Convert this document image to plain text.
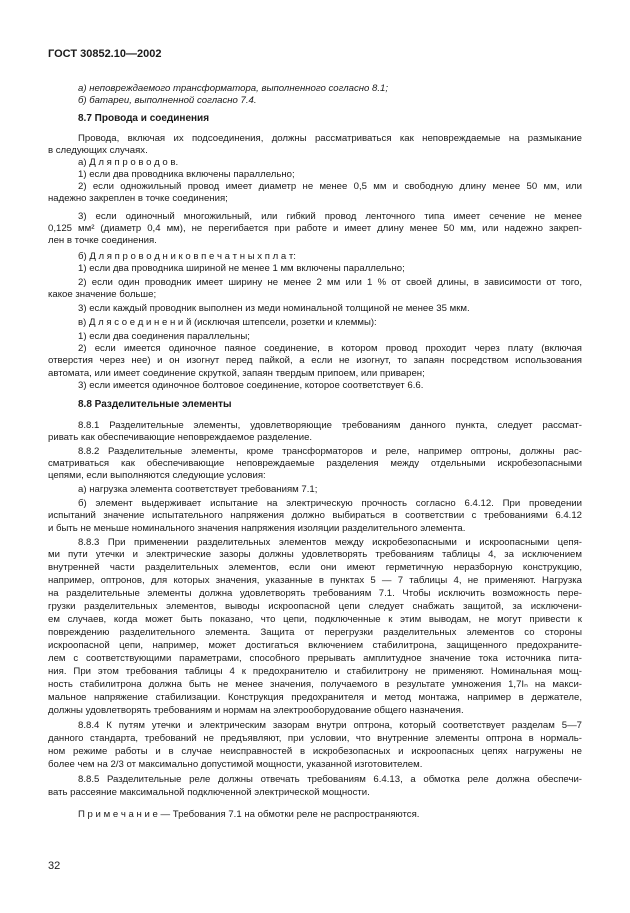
ГОСТ 30852.10—2002
а) неповреждаемого трансформатора, выполненного согласно 8.1;
б) батареи, выполненной согласно 7.4.
8.7 Провода и соединения
Провода, включая их подсоединения, должны рассматриваться как неповреждаемые на размыкание
в следующих случаях.
а) Д л я п р о в о д о в.
1) если два проводника включены параллельно;
2) если одножильный провод имеет диаметр не менее 0,5 мм и свободную длину менее 50 мм, или
надежно закреплен в точке соединения;
3) если одиночный многожильный, или гибкий провод ленточного типа имеет сечение не менее
0,125 мм² (диаметр 0,4 мм), не перегибается при работе и имеет длину менее 50 мм, или надежно закреп-
лен в точке соединения.
б) Д л я п р о в о д н и к о в п е ч а т н ы х п л а т:
1) если два проводника шириной не менее 1 мм включены параллельно;
2) если один проводник имеет ширину не менее 2 мм или 1 % от своей длины, в зависимости от того,
какое значение больше;
3) если каждый проводник выполнен из меди номинальной толщиной не менее 35 мкм.
в) Д л я с о е д и н е н и й (исключая штепсели, розетки и клеммы):
1) если два соединения параллельны;
2) если имеется одиночное паяное соединение, в котором провод проходит через плату (включая
отверстия через нее) и он изогнут перед пайкой, а если не изогнут, то запаян посредством использования
автомата, или имеет соединение скруткой, запаян твердым припоем, или приварен;
3) если имеется одиночное болтовое соединение, которое соответствует 6.6.
8.8 Разделительные элементы
8.8.1 Разделительные элементы, удовлетворяющие требованиям данного пункта, следует рассмат-
ривать как обеспечивающие неповреждаемое разделение.
8.8.2 Разделительные элементы, кроме трансформаторов и реле, например оптроны, должны рас-
сматриваться как обеспечивающие неповреждаемые разделения между отдельными искробезопасными
цепями, если выполняются следующие условия:
а) нагрузка элемента соответствует требованиям 7.1;
б) элемент выдерживает испытание на электрическую прочность согласно 6.4.12. При проведении
испытаний значение испытательного напряжения должно выбираться в соответствии с требованиями 6.4.12
и быть не меньше номинального значения напряжения изоляции разделительного элемента.
8.8.3 При применении разделительных элементов между искробезопасными и искроопасными цепя-
ми пути утечки и электрические зазоры должны удовлетворять требованиям таблицы 4, за исключением
внутренней части разделительных элементов, если они имеют герметичную неразборную конструкцию,
например, оптронов, для которых значения, указанные в пунктах 5 — 7 таблицы 4, не применяют. Нагрузка
на разделительные элементы должна удовлетворять требованиям 7.1. Чтобы исключить возможность пере-
грузки разделительных элементов, выводы искроопасной цепи следует снабжать защитой, за исключени-
ем случаев, когда может быть показано, что цепи, подключенные к этим выводам, не могут привести к
повреждению разделительного элемента. Защита от перегрузки разделительных элементов со стороны
искроопасной цепи, например, может достигаться включением стабилитрона, защищенного предохраните-
лем с соответствующими параметрами, способного прерывать амплитудное значение тока источника пита-
ния. При этом требования таблицы 4 к предохранителю и стабилитрону не применяют. Номинальная мощ-
ность стабилитрона должна быть не менее значения, получаемого в результате умножения 1,7Iₙ на макси-
мальное напряжение стабилизации. Конструкция предохранителя и метод монтажа, например в держателе,
должны удовлетворять требованиям и нормам на электрооборудование общего назначения.
8.8.4 К путям утечки и электрическим зазорам внутри оптрона, который соответствует разделам 5—7
данного стандарта, требований не предъявляют, при условии, что внутренние элементы оптрона в нормаль-
ном режиме работы и в случае неисправностей в искробезопасных и искроопасных цепях нагружены не
более чем на 2/3 от максимально допустимой мощности, указанной изготовителем.
8.8.5 Разделительные реле должны отвечать требованиям 6.4.13, а обмотка реле должна обеспечи-
вать рассеяние максимальной подключенной электрической мощности.
П р и м е ч а н и е — Требования 7.1 на обмотки реле не распространяются.
32
